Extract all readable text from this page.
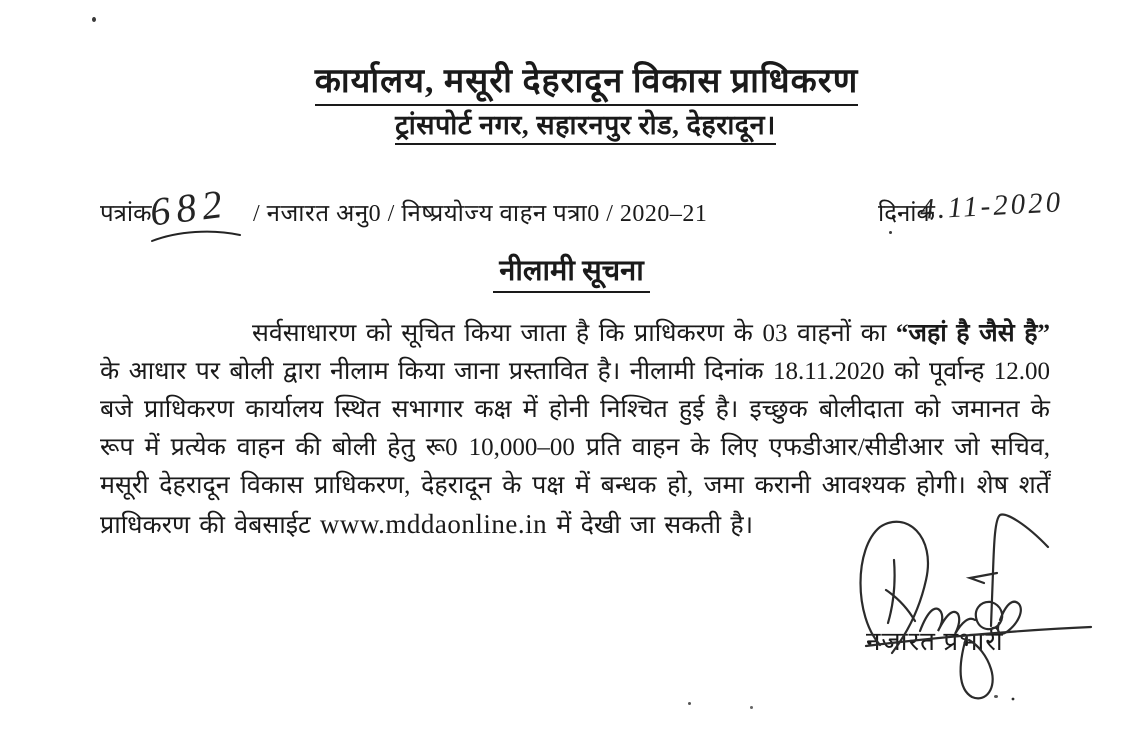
कार्यालय, मसूरी देहरादून विकास प्राधिकरण
ट्रांसपोर्ट नगर, सहारनपुर रोड, देहरादून।
पत्रांक
682 / नजारत अनु0 / निष्प्रयोज्य वाहन पत्रा0 / 2020–21	दिनांक
4.11-2020
नीलामी सूचना

सर्वसाधारण को सूचित किया जाता है कि प्राधिकरण के 03 वाहनों का “जहां है जैसे है” के आधार पर बोली द्वारा नीलाम किया जाना प्रस्तावित है। नीलामी दिनांक 18.11.2020 को पूर्वान्ह 12.00 बजे प्राधिकरण कार्यालय स्थित सभागार कक्ष में होनी निश्चित हुई है। इच्छुक बोलीदाता को जमानत के रूप में प्रत्येक वाहन की बोली हेतु रू0 10,000–00 प्रति वाहन के लिए एफडीआर/सीडीआर जो सचिव, मसूरी देहरादून विकास प्राधिकरण, देहरादून के पक्ष में बन्धक हो, जमा करानी आवश्यक होगी। शेष शर्तें प्राधिकरण की वेबसाईट www.mddaonline.in में देखी जा सकती है।

नजारत प्रभारी
